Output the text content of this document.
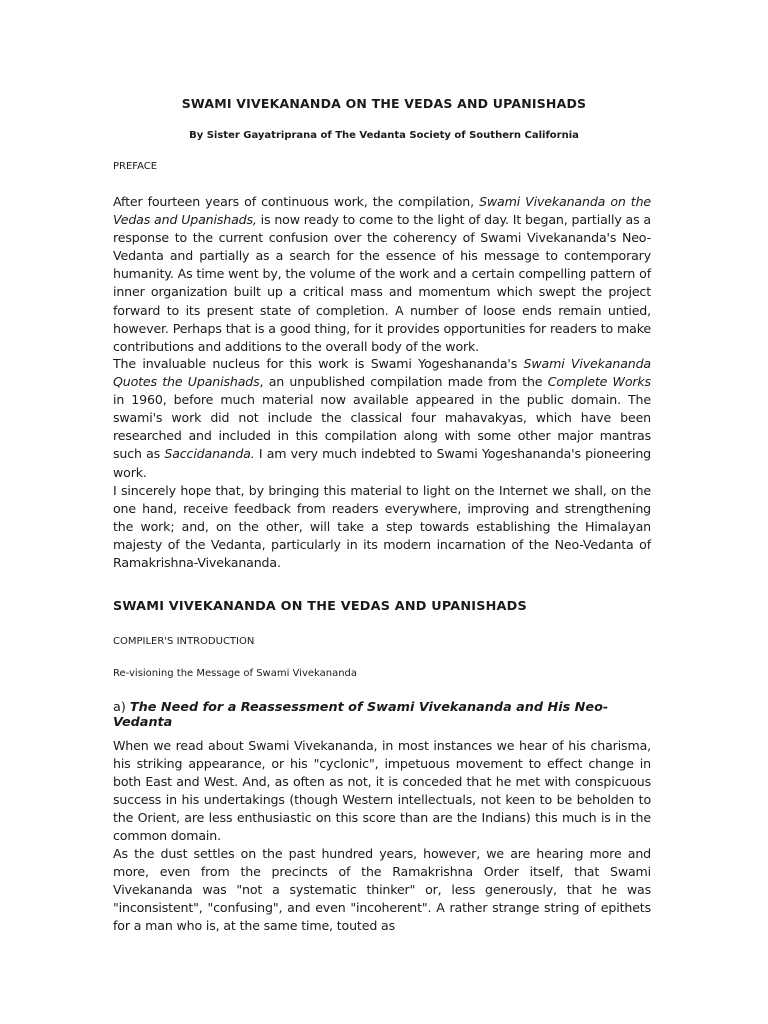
SWAMI VIVEKANANDA ON THE VEDAS AND UPANISHADS

By Sister Gayatriprana of The Vedanta Society of Southern California

PREFACE

After fourteen years of continuous work, the compilation, Swami Vivekananda on the Vedas and Upanishads, is now ready to come to the light of day. It began, partially as a response to the current confusion over the coherency of Swami Vivekananda's Neo-Vedanta and partially as a search for the essence of his message to contemporary humanity. As time went by, the volume of the work and a certain compelling pattern of inner organization built up a critical mass and momentum which swept the project forward to its present state of completion. A number of loose ends remain untied, however. Perhaps that is a good thing, for it provides opportunities for readers to make contributions and additions to the overall body of the work.

The invaluable nucleus for this work is Swami Yogeshananda's Swami Vivekananda Quotes the Upanishads, an unpublished compilation made from the Complete Works in 1960, before much material now available appeared in the public domain. The swami's work did not include the classical four mahavakyas, which have been researched and included in this compilation along with some other major mantras such as Saccidananda. I am very much indebted to Swami Yogeshananda's pioneering work.

I sincerely hope that, by bringing this material to light on the Internet we shall, on the one hand, receive feedback from readers everywhere, improving and strengthening the work; and, on the other, will take a step towards establishing the Himalayan majesty of the Vedanta, particularly in its modern incarnation of the Neo-Vedanta of Ramakrishna-Vivekananda.

SWAMI VIVEKANANDA ON THE VEDAS AND UPANISHADS

COMPILER'S INTRODUCTION

Re-visioning the Message of Swami Vivekananda

a) The Need for a Reassessment of Swami Vivekananda and His Neo-Vedanta

When we read about Swami Vivekananda, in most instances we hear of his charisma, his striking appearance, or his "cyclonic", impetuous movement to effect change in both East and West. And, as often as not, it is conceded that he met with conspicuous success in his undertakings (though Western intellectuals, not keen to be beholden to the Orient, are less enthusiastic on this score than are the Indians) this much is in the common domain.

As the dust settles on the past hundred years, however, we are hearing more and more, even from the precincts of the Ramakrishna Order itself, that Swami Vivekananda was "not a systematic thinker" or, less generously, that he was "inconsistent", "confusing", and even "incoherent". A rather strange string of epithets for a man who is, at the same time, touted as
